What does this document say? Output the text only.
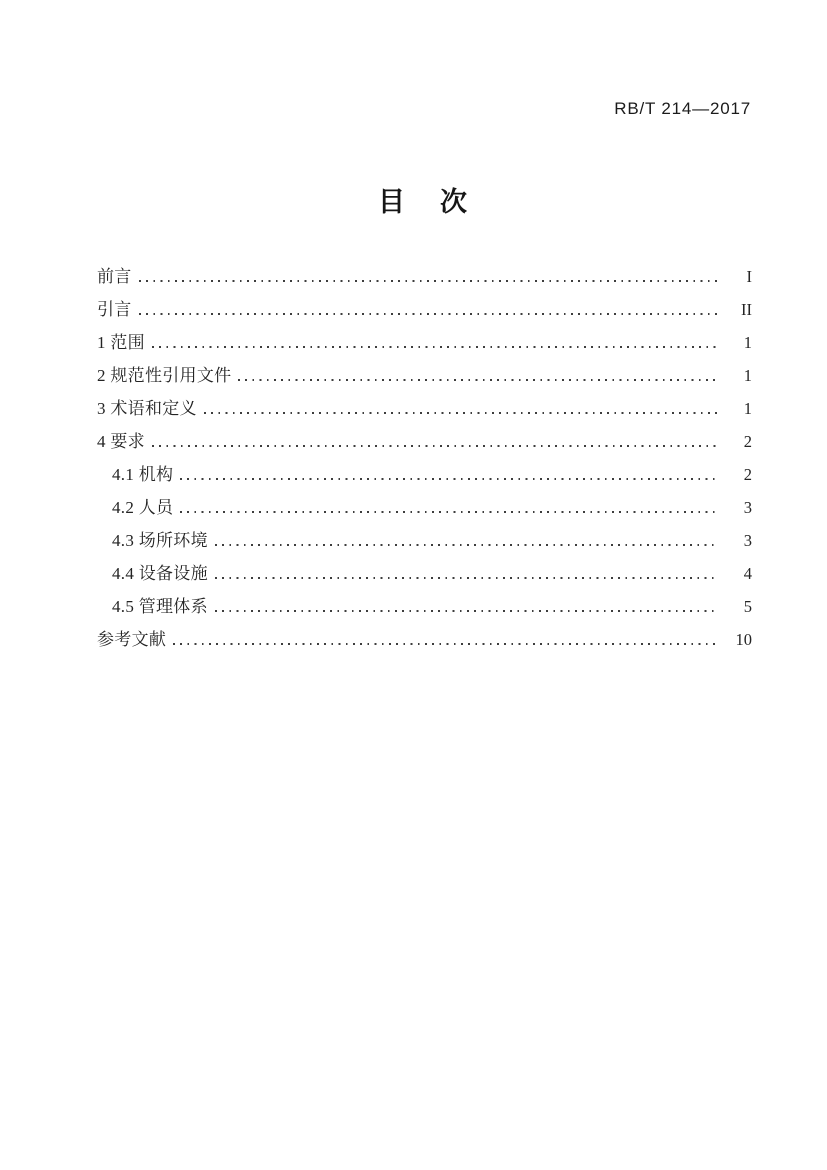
RB/T 214—2017
目　次
前言	I
引言	II
1 范围	1
2 规范性引用文件	1
3 术语和定义	1
4 要求	2
4.1 机构	2
4.2 人员	3
4.3 场所环境	3
4.4 设备设施	4
4.5 管理体系	5
参考文献	10
